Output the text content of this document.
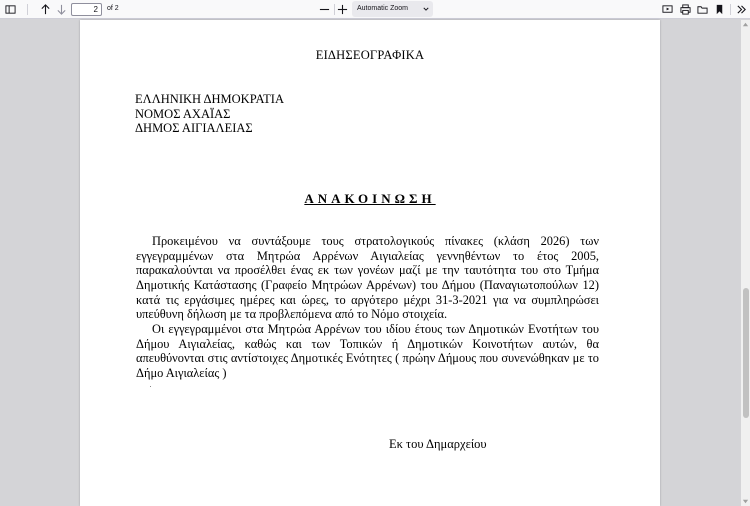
2	of 2	Automatic Zoom
ΕΙΔΗΣΕΟΓΡΑΦΙΚΑ
ΕΛΛΗΝΙΚΗ ΔΗΜΟΚΡΑΤΙΑ
ΝΟΜΟΣ ΑΧΑΪΑΣ
ΔΗΜΟΣ ΑΙΓΙΑΛΕΙΑΣ
ΑΝΑΚΟΙΝΩΣΗ

Προκειμένου να συντάξουμε τους στρατολογικούς πίνακες (κλάση 2026) των εγγεγραμμένων στα Μητρώα Αρρένων Αιγιαλείας γεννηθέντων το έτος 2005, παρακαλούνται να προσέλθει ένας εκ των γονέων μαζί με την ταυτότητα του στο Τμήμα Δημοτικής Κατάστασης (Γραφείο Μητρώων Αρρένων) του Δήμου (Παναγιωτοπούλων 12) κατά τις εργάσιμες ημέρες και ώρες, το αργότερο μέχρι 31-3-2021 για να συμπληρώσει υπεύθυνη δήλωση με τα προβλεπόμενα από το Νόμο στοιχεία.

Οι εγγεγραμμένοι στα Μητρώα Αρρένων του ιδίου έτους των Δημοτικών Ενοτήτων του Δήμου Αιγιαλείας, καθώς και των Τοπικών ή Δημοτικών Κοινοτήτων αυτών, θα απευθύνονται στις αντίστοιχες Δημοτικές Ενότητες ( πρώην Δήμους που συνενώθηκαν με το Δήμο Αιγιαλείας )

Εκ του Δημαρχείου
